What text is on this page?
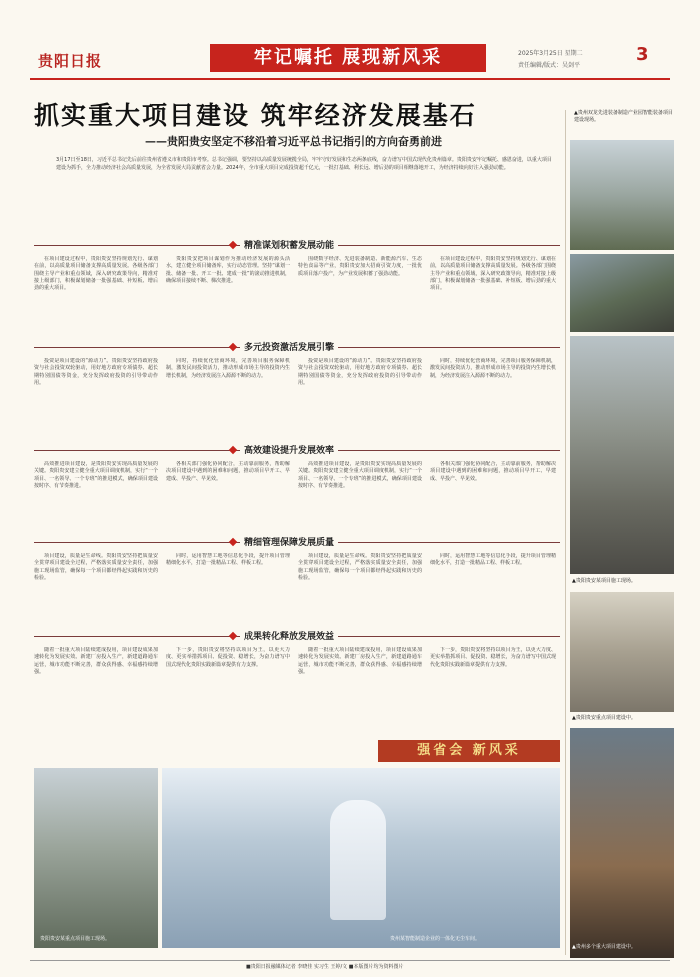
贵阳日报	牢记嘱托 展现新风采	2025年3月25日 星期二
责任编辑/版式：吴剑平
3
抓实重大项目建设 筑牢经济发展基石
——贵阳贵安坚定不移沿着习近平总书记指引的方向奋勇前进
3月17日至18日，习近平总书记先后前往贵州省遵义市和贵阳市考察。总书记强调，要坚持以高质量发展统揽全局，牢牢守好发展和生态两条底线，奋力谱写中国式现代化贵州篇章。贵阳贵安牢记嘱托、感恩奋进，以重大项目建设为抓手，全力推动经济社会高质量发展，为全省发展大局贡献省会力量。2024年，全市重大项目完成投资超千亿元，一批打基础、利长远、增后劲的项目相继落地开工，为经济持续向好注入强劲动能。
▲贵州双龙先进装备制造产业园智能装备项目建设现场。
▲贵阳贵安某项目施工现场。
▲贵阳贵安重点项目建设中。
▲贵州多个重大项目建设中。
精准谋划积蓄发展动能

在项目建设过程中，贵阳贵安坚持规划先行、谋划在前，以高质量项目储备支撑高质量发展。各级各部门围绕主导产业和重点领域，深入研究政策导向，精准对接上级部门，积极谋划储备一批强基础、补短板、增后劲的重大项目。

贵阳贵安把项目谋划作为推动经济发展的源头活水，建立健全项目储备库，实行动态管理。坚持“谋划一批、储备一批、开工一批、建成一批”的滚动推进机制，确保项目接续不断、梯次推进。

围绕数字经济、先进装备制造、新能源汽车、生态特色食品等产业，贵阳贵安加大招商引资力度，一批优质项目落户投产，为产业发展积蓄了强劲动能。

在项目建设过程中，贵阳贵安坚持规划先行、谋划在前，以高质量项目储备支撑高质量发展。各级各部门围绕主导产业和重点领域，深入研究政策导向，精准对接上级部门，积极谋划储备一批强基础、补短板、增后劲的重大项目。

多元投资激活发展引擎

投资是项目建设的“源动力”。贵阳贵安坚持政府投资与社会投资双轮驱动，用好地方政府专项债券、超长期特别国债等资金，充分发挥政府投资的引导带动作用。

同时，持续优化营商环境，完善项目服务保障机制，激发民间投资活力，推动形成市场主导的投资内生增长机制，为经济发展注入源源不断的动力。

投资是项目建设的“源动力”。贵阳贵安坚持政府投资与社会投资双轮驱动，用好地方政府专项债券、超长期特别国债等资金，充分发挥政府投资的引导带动作用。

同时，持续优化营商环境，完善项目服务保障机制，激发民间投资活力，推动形成市场主导的投资内生增长机制，为经济发展注入源源不断的动力。

高效建设提升发展效率

高效推进项目建设，是贵阳贵安实现高质量发展的关键。贵阳贵安建立健全重大项目调度机制，实行“一个项目、一名领导、一个专班”的推进模式，确保项目建设按时序、有节奏推进。

各相关部门强化协同配合，主动靠前服务，帮助解决项目建设中遇到的困难和问题，推动项目早开工、早建成、早投产、早见效。

高效推进项目建设，是贵阳贵安实现高质量发展的关键。贵阳贵安建立健全重大项目调度机制，实行“一个项目、一名领导、一个专班”的推进模式，确保项目建设按时序、有节奏推进。

各相关部门强化协同配合，主动靠前服务，帮助解决项目建设中遇到的困难和问题，推动项目早开工、早建成、早投产、早见效。

精细管理保障发展质量

项目建设，质量是生命线。贵阳贵安坚持把质量安全贯穿项目建设全过程，严格落实质量安全责任，加强施工现场监管，确保每一个项目都经得起实践和历史的检验。

同时，运用智慧工地等信息化手段，提升项目管理精细化水平，打造一批精品工程、样板工程。

项目建设，质量是生命线。贵阳贵安坚持把质量安全贯穿项目建设全过程，严格落实质量安全责任，加强施工现场监管，确保每一个项目都经得起实践和历史的检验。

同时，运用智慧工地等信息化手段，提升项目管理精细化水平，打造一批精品工程、样板工程。

成果转化释放发展效益

随着一批重大项目陆续建成投用，项目建设成果加速转化为发展实效。新建厂房投入生产，新建道路通车运营，城市功能不断完善，群众获得感、幸福感持续增强。

下一步，贵阳贵安将坚持以项目为王，以更大力度、更实举措抓项目、促投资、稳增长，为奋力谱写中国式现代化贵阳实践新篇章提供有力支撑。

随着一批重大项目陆续建成投用，项目建设成果加速转化为发展实效。新建厂房投入生产，新建道路通车运营，城市功能不断完善，群众获得感、幸福感持续增强。

下一步，贵阳贵安将坚持以项目为王，以更大力度、更实举措抓项目、促投资、稳增长，为奋力谱写中国式现代化贵阳实践新篇章提供有力支撑。

强省会 新风采
贵阳贵安某重点项目施工现场。	贵州某智能制造企业的一体化无尘车间。
■贵阳日报融媒体记者 李晓佳 实习生 王婷/文 ■本版图片均为资料图片
